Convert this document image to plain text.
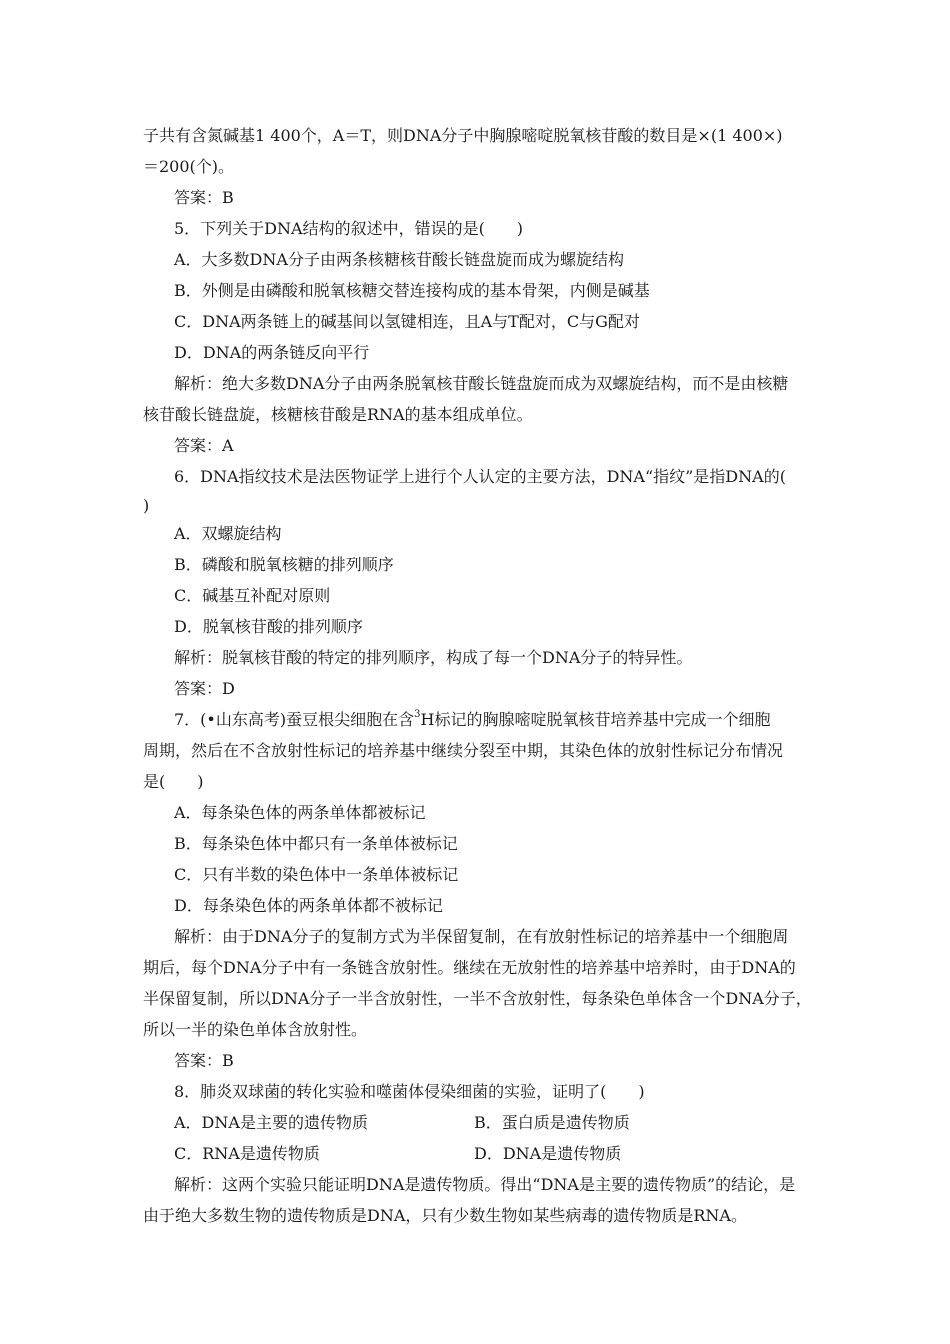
子共有含氮碱基1 400个，A＝T，则DNA分子中胸腺嘧啶脱氧核苷酸的数目是×(1 400×)
＝200(个)。
答案：B
5．下列关于DNA结构的叙述中，错误的是(　　)
A．大多数DNA分子由两条核糖核苷酸长链盘旋而成为螺旋结构
B．外侧是由磷酸和脱氧核糖交替连接构成的基本骨架，内侧是碱基
C．DNA两条链上的碱基间以氢键相连，且A与T配对，C与G配对
D．DNA的两条链反向平行
解析：绝大多数DNA分子由两条脱氧核苷酸长链盘旋而成为双螺旋结构，而不是由核糖
核苷酸长链盘旋，核糖核苷酸是RNA的基本组成单位。
答案：A
6．DNA指纹技术是法医物证学上进行个人认定的主要方法，DNA“指纹”是指DNA的(
)
A．双螺旋结构
B．磷酸和脱氧核糖的排列顺序
C．碱基互补配对原则
D．脱氧核苷酸的排列顺序
解析：脱氧核苷酸的特定的排列顺序，构成了每一个DNA分子的特异性。
答案：D
7．(•山东高考)蚕豆根尖细胞在含$^3$H标记的胸腺嘧啶脱氧核苷培养基中完成一个细胞
周期，然后在不含放射性标记的培养基中继续分裂至中期，其染色体的放射性标记分布情况
是(　　)
A．每条染色体的两条单体都被标记
B．每条染色体中都只有一条单体被标记
C．只有半数的染色体中一条单体被标记
D．每条染色体的两条单体都不被标记
解析：由于DNA分子的复制方式为半保留复制，在有放射性标记的培养基中一个细胞周
期后，每个DNA分子中有一条链含放射性。继续在无放射性的培养基中培养时，由于DNA的
半保留复制，所以DNA分子一半含放射性，一半不含放射性，每条染色单体含一个DNA分子，
所以一半的染色单体含放射性。
答案：B
8．肺炎双球菌的转化实验和噬菌体侵染细菌的实验，证明了(　　)
A．DNA是主要的遗传物质	B．蛋白质是遗传物质
C．RNA是遗传物质	D．DNA是遗传物质
解析：这两个实验只能证明DNA是遗传物质。得出“DNA是主要的遗传物质”的结论，是
由于绝大多数生物的遗传物质是DNA，只有少数生物如某些病毒的遗传物质是RNA。
